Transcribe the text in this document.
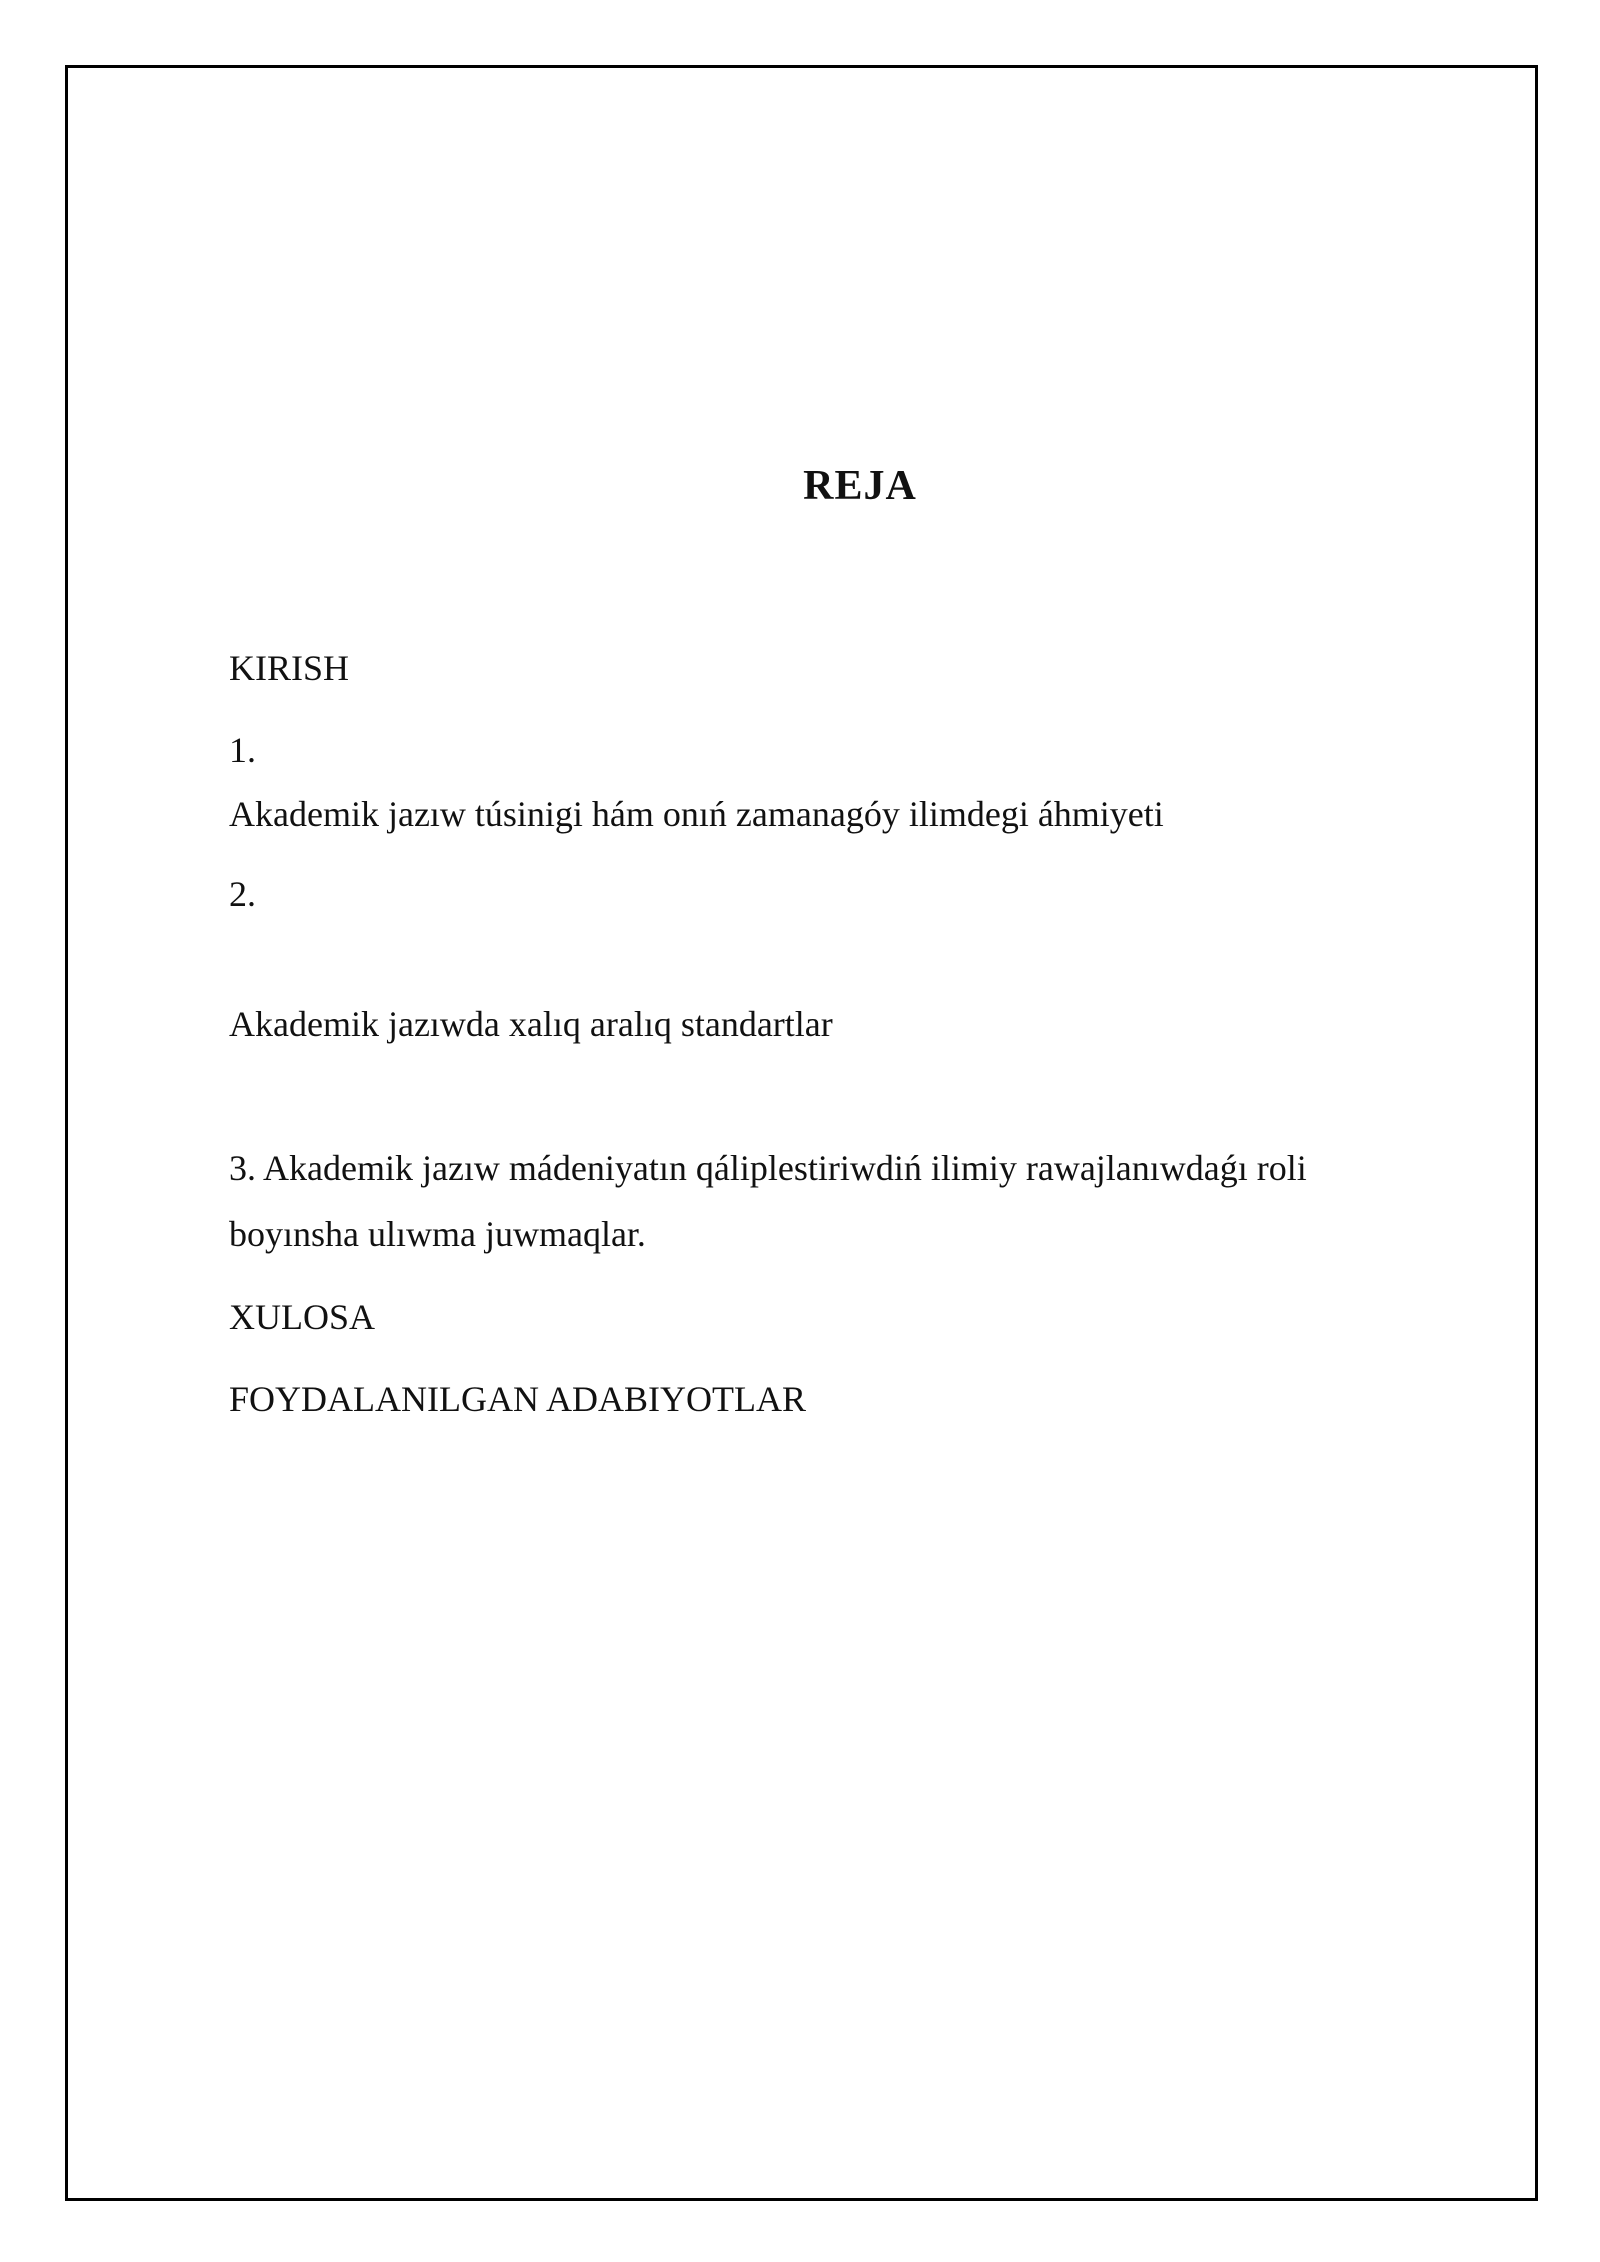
REJA
KIRISH
1.
Akademik jazıw túsinigi hám onıń zamanagóy ilimdegi áhmiyeti
2.
Akademik jazıwda xalıq aralıq standartlar
3. Akademik jazıw mádeniyatın qáliplestiriwdiń ilimiy rawajlanıwdaǵı roli boyınsha ulıwma juwmaqlar.
XULOSA
FOYDALANILGAN ADABIYOTLAR
